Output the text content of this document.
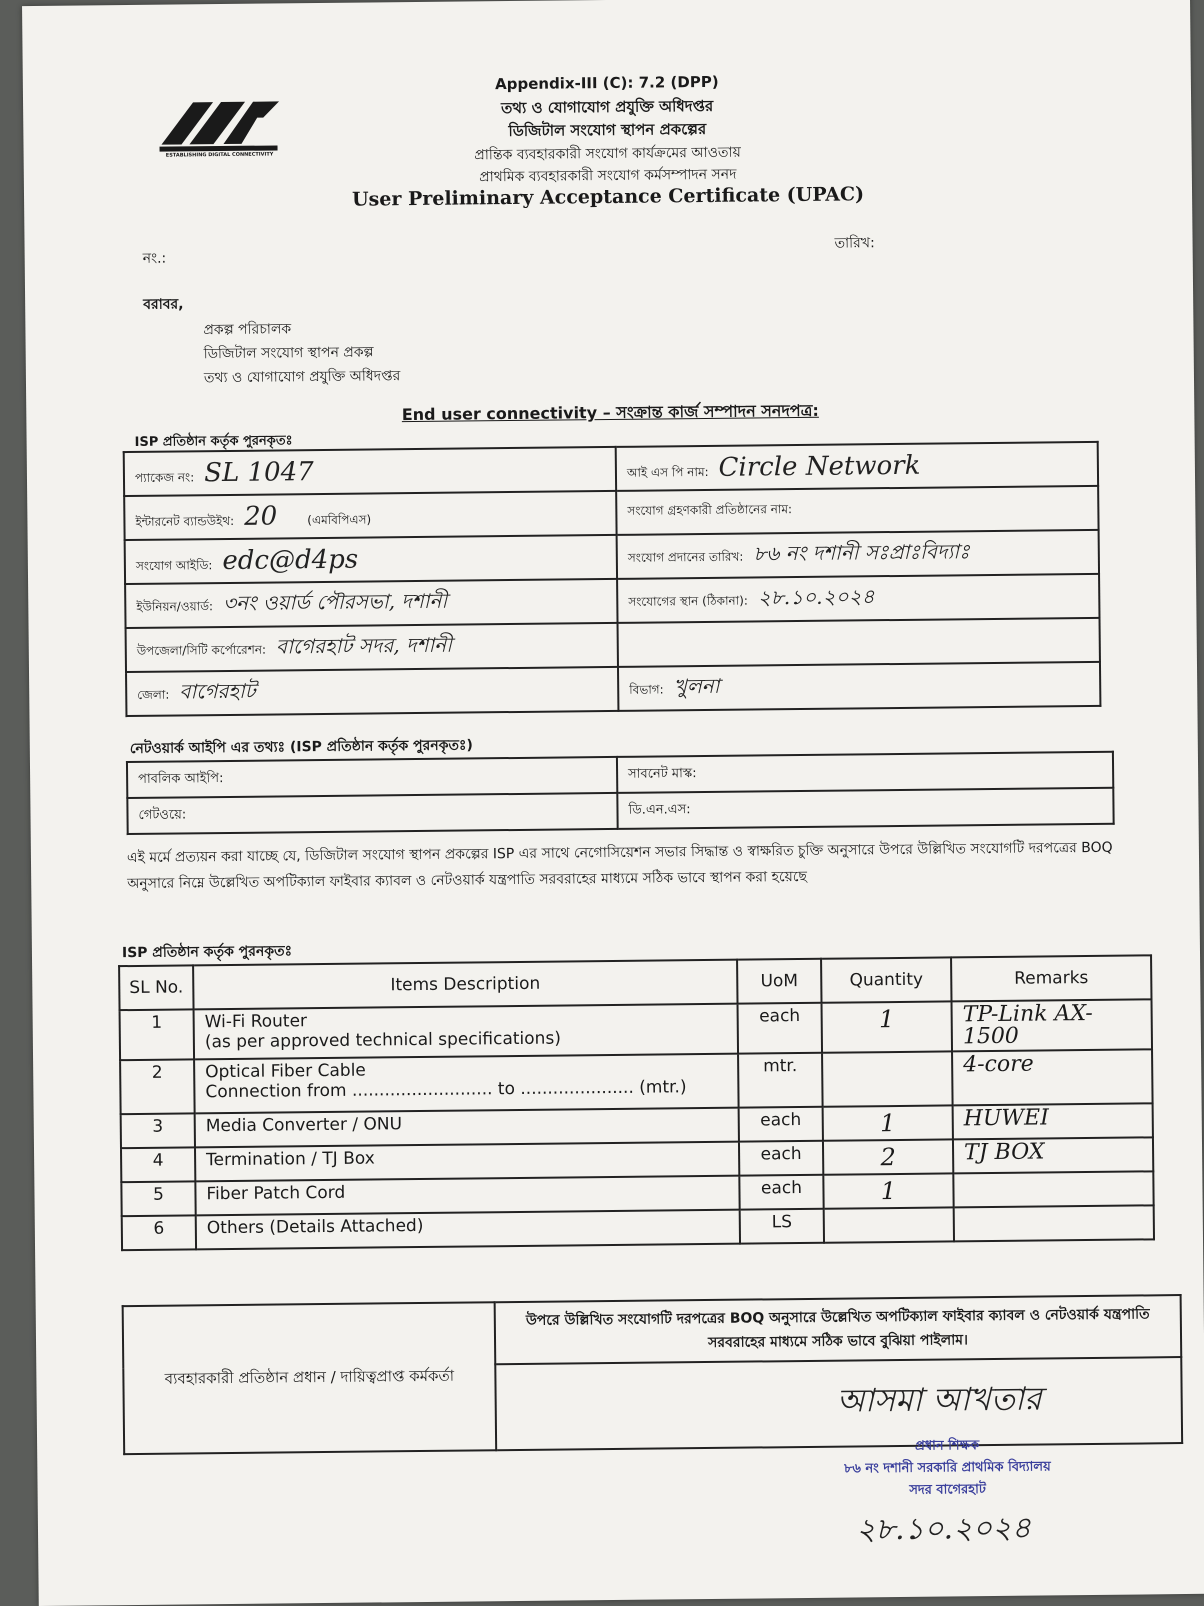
ESTABLISHING DIGITAL CONNECTIVITY
Appendix-III (C): 7.2 (DPP)
তথ্য ও যোগাযোগ প্রযুক্তি অধিদপ্তর
ডিজিটাল সংযোগ স্থাপন প্রকল্পের
প্রান্তিক ব্যবহারকারী সংযোগ কার্যক্রমের আওতায়
প্রাথমিক ব্যবহারকারী সংযোগ কর্মসম্পাদন সনদ
User Preliminary Acceptance Certificate (UPAC)
নং.:
তারিখ:
বরাবর,
প্রকল্প পরিচালক
ডিজিটাল সংযোগ স্থাপন প্রকল্প
তথ্য ও যোগাযোগ প্রযুক্তি অধিদপ্তর
End user connectivity – সংক্রান্ত কার্জ সম্পাদন সনদপত্র:
ISP প্রতিষ্ঠান কর্তৃক পুরনকৃতঃ
প্যাকেজ নং: SL 1047	আই এস পি নাম: Circle Network
ইন্টারনেট ব্যান্ডউইথ: 20 (এমবিপিএস)	সংযোগ গ্রহণকারী প্রতিষ্ঠানের নাম:
সংযোগ আইডি: edc@d4ps	সংযোগ প্রদানের তারিখ: ৮৬ নং দশানী সঃপ্রাঃবিদ্যাঃ
ইউনিয়ন/ওয়ার্ড: ৩নং ওয়ার্ড পৌরসভা, দশানী	সংযোগের স্থান (ঠিকানা): ২৮.১০.২০২৪
উপজেলা/সিটি কর্পোরেশন: বাগেরহাট সদর, দশানী	
জেলা: বাগেরহাট	বিভাগ: খুলনা
নেটওয়ার্ক আইপি এর তথ্যঃ (ISP প্রতিষ্ঠান কর্তৃক পুরনকৃতঃ)
পাবলিক আইপি:	সাবনেট মাস্ক:
গেটওয়ে:	ডি.এন.এস:
এই মর্মে প্রত্যয়ন করা যাচ্ছে যে, ডিজিটাল সংযোগ স্থাপন প্রকল্পের ISP এর সাথে নেগোসিয়েশন সভার সিদ্ধান্ত ও স্বাক্ষরিত চুক্তি অনুসারে উপরে উল্লিখিত সংযোগটি দরপত্রের BOQ অনুসারে নিম্নে উল্লেখিত অপটিক্যাল ফাইবার ক্যাবল ও নেটওয়ার্ক যন্ত্রপাতি সরবরাহের মাধ্যমে সঠিক ভাবে স্থাপন করা হয়েছে
ISP প্রতিষ্ঠান কর্তৃক পুরনকৃতঃ
SL No.	Items Description	UoM	Quantity	Remarks
1	Wi-Fi Router
(as per approved technical specifications)	each	1	TP-Link AX-1500
2	Optical Fiber Cable
Connection from .......................... to ..................... (mtr.)	mtr.		4-core
3	Media Converter / ONU	each	1	HUWEI
4	Termination / TJ Box	each	2	TJ BOX
5	Fiber Patch Cord	each	1	
6	Others (Details Attached)	LS		
ব্যবহারকারী প্রতিষ্ঠান প্রধান / দায়িত্বপ্রাপ্ত কর্মকর্তা	উপরে উল্লিখিত সংযোগটি দরপত্রের BOQ অনুসারে উল্লেখিত অপটিক্যাল ফাইবার ক্যাবল ও নেটওয়ার্ক যন্ত্রপাতি সরবরাহের মাধ্যমে সঠিক ভাবে বুঝিয়া পাইলাম।

আসমা আখতার
প্রধান শিক্ষক
৮৬ নং দশানী সরকারি প্রাথমিক বিদ্যালয়
সদর বাগেরহাট
২৮.১০.২০২৪
